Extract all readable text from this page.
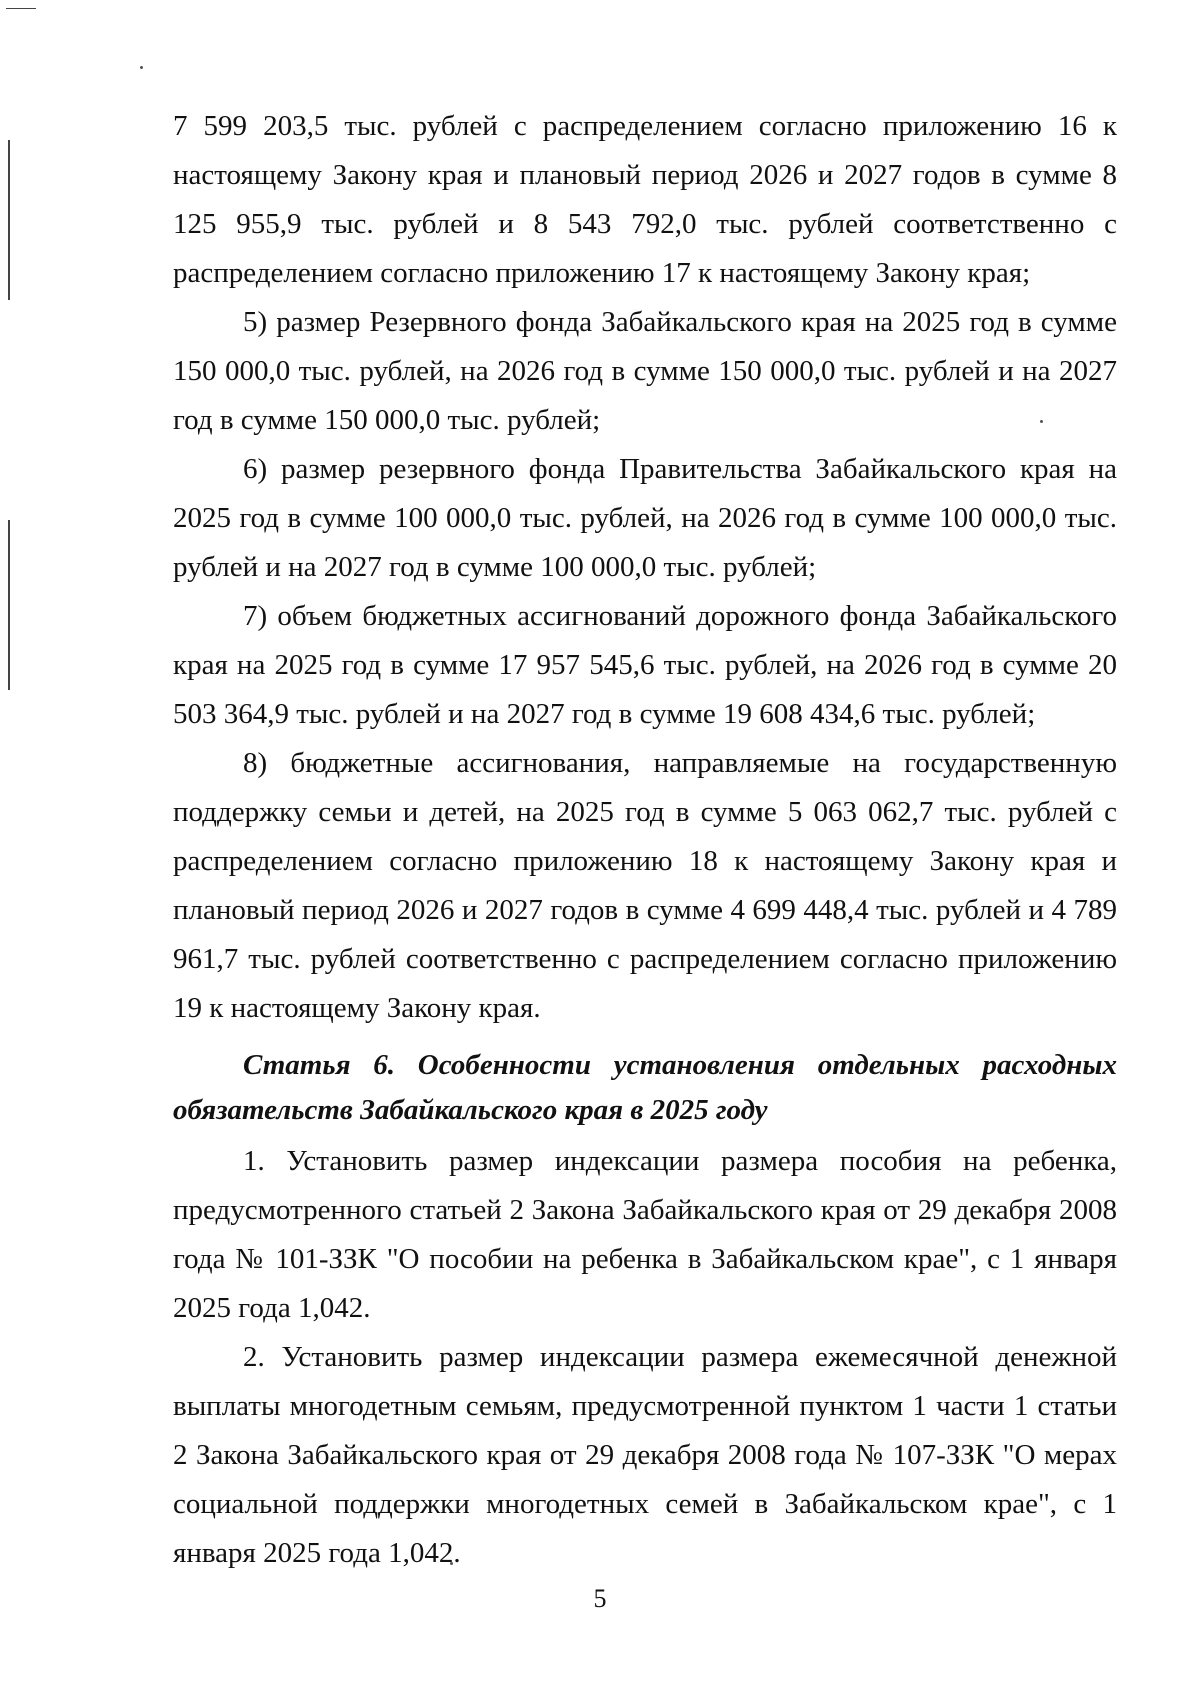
7 599 203,5 тыс. рублей с распределением согласно приложению 16 к настоящему Закону края и плановый период 2026 и 2027 годов в сумме 8 125 955,9 тыс. рублей и 8 543 792,0 тыс. рублей соответственно с распределением согласно приложению 17 к настоящему Закону края;

5) размер Резервного фонда Забайкальского края на 2025 год в сумме 150 000,0 тыс. рублей, на 2026 год в сумме 150 000,0 тыс. рублей и на 2027 год в сумме 150 000,0 тыс. рублей;

6) размер резервного фонда Правительства Забайкальского края на 2025 год в сумме 100 000,0 тыс. рублей, на 2026 год в сумме 100 000,0 тыс. рублей и на 2027 год в сумме 100 000,0 тыс. рублей;

7) объем бюджетных ассигнований дорожного фонда Забайкальского края на 2025 год в сумме 17 957 545,6 тыс. рублей, на 2026 год в сумме 20 503 364,9 тыс. рублей и на 2027 год в сумме 19 608 434,6 тыс. рублей;

8) бюджетные ассигнования, направляемые на государственную поддержку семьи и детей, на 2025 год в сумме 5 063 062,7 тыс. рублей с распределением согласно приложению 18 к настоящему Закону края и плановый период 2026 и 2027 годов в сумме 4 699 448,4 тыс. рублей и 4 789 961,7 тыс. рублей соответственно с распределением согласно приложению 19 к настоящему Закону края.

Статья 6. Особенности установления отдельных расходных обязательств Забайкальского края в 2025 году

1. Установить размер индексации размера пособия на ребенка, предусмотренного статьей 2 Закона Забайкальского края от 29 декабря 2008 года № 101-ЗЗК "О пособии на ребенка в Забайкальском крае", с 1 января 2025 года 1,042.

2. Установить размер индексации размера ежемесячной денежной выплаты многодетным семьям, предусмотренной пунктом 1 части 1 статьи 2 Закона Забайкальского края от 29 декабря 2008 года № 107-ЗЗК "О мерах социальной поддержки многодетных семей в Забайкальском крае", с 1 января 2025 года 1,042.

5
